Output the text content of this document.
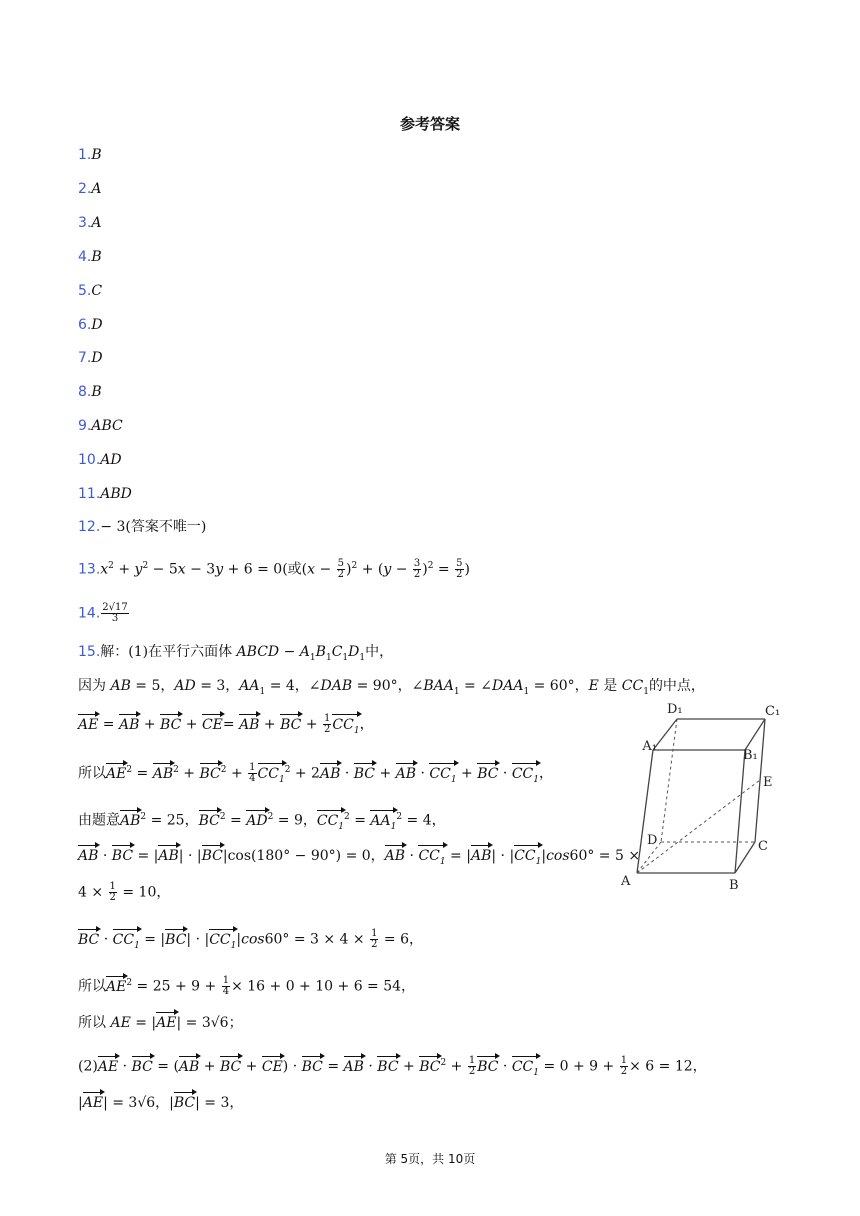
参考答案
1.B
2.A
3.A
4.B
5.C
6.D
7.D
8.B
9.ABC
10.AD
11.ABD
12.− 3(答案不唯一)
$13.x^2 + y^2 - 5x - 3y + 6 = 0$(或$(x - \frac{5}{2} )^2 + (y - \frac{3}{2} )^2 = \frac{5}{2}$ )
14. $\frac{2√17}{3}$
15.解：(1)在平行六面体 ABCD − $A_1B_1C_1D_1$中，
因为 AB = 5，AD = 3，$AA_1 = 4$，∠DAB = 90°，$\angle BAA_1$ = $\angle DAA_1 = 60^\circ$，E 是 $CC_1$的中点，
AE = AB + BC + CE= AB + BC + $\frac{1}{2} CC_1$，
所以$AE^2 = AB^2 + BC^2 + \frac{1}{4} CC_1^2 + 2AB$ · BC + AB · $CC_1$ + BC · $CC_1$，
由题意$AB^2 = 25$，$BC^2 = AD^2 = 9$，$CC_1^2 = AA_1^2 = 4$，
AB · BC = |AB| · |BC|cos(180° − 90°) = 0，AB · $CC_1 = |AB| \cdot |CC_1|\cos 60^\circ = 5$ ×
$4 \times \frac{1}{2} = 10$，
BC · $CC_1 = |BC| \cdot |CC_1|\cos 60^\circ = 3 \times 4 \times \frac{1}{2} = 6$，
所以$AE^2 = 25 + 9 + \frac{1}{4} \times 16 + 0 + 10 + 6 = 54$，
所以 AE = |AE| = 3√6；
(2)AE · BC = (AB + BC + CE) · BC = AB · BC + $BC^2 + \frac{1}{2}$ BC · $CC_1 = 0 + 9 + \frac{1}{2} \times 6 = 12$，
|AE| = 3√6，|BC| = 3，
D₁	C₁
A₁
B₁
E
D	C
A	B
第 5页，共 10页
